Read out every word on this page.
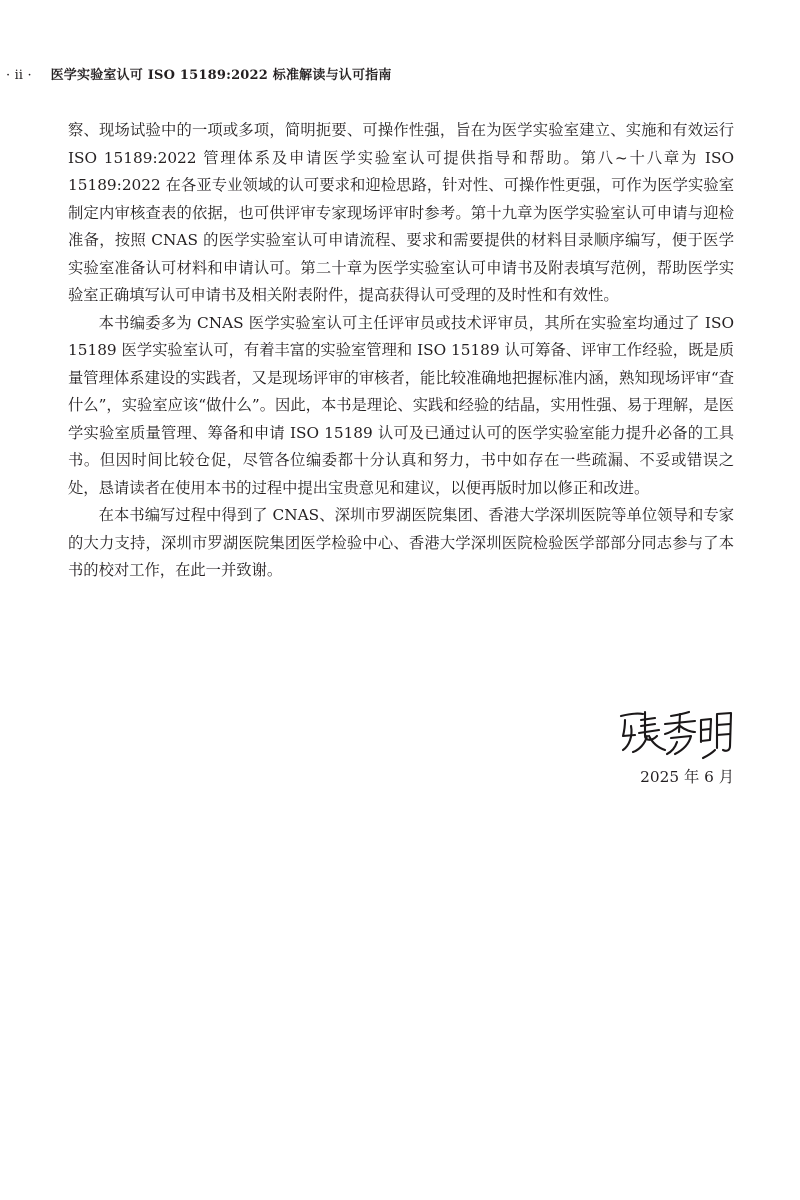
· ⅱ · 医学实验室认可 ISO 15189:2022 标准解读与认可指南

察、现场试验中的一项或多项，简明扼要、可操作性强，旨在为医学实验室建立、实施和有效运行 ISO 15189:2022 管理体系及申请医学实验室认可提供指导和帮助。第八~十八章为 ISO 15189:2022 在各亚专业领域的认可要求和迎检思路，针对性、可操作性更强，可作为医学实验室制定内审核查表的依据，也可供评审专家现场评审时参考。第十九章为医学实验室认可申请与迎检准备，按照 CNAS 的医学实验室认可申请流程、要求和需要提供的材料目录顺序编写，便于医学实验室准备认可材料和申请认可。第二十章为医学实验室认可申请书及附表填写范例，帮助医学实验室正确填写认可申请书及相关附表附件，提高获得认可受理的及时性和有效性。

本书编委多为 CNAS 医学实验室认可主任评审员或技术评审员，其所在实验室均通过了 ISO 15189 医学实验室认可，有着丰富的实验室管理和 ISO 15189 认可筹备、评审工作经验，既是质量管理体系建设的实践者，又是现场评审的审核者，能比较准确地把握标准内涵，熟知现场评审“查什么”，实验室应该“做什么”。因此，本书是理论、实践和经验的结晶，实用性强、易于理解，是医学实验室质量管理、筹备和申请 ISO 15189 认可及已通过认可的医学实验室能力提升必备的工具书。但因时间比较仓促，尽管各位编委都十分认真和努力，书中如存在一些疏漏、不妥或错误之处，恳请读者在使用本书的过程中提出宝贵意见和建议，以便再版时加以修正和改进。

在本书编写过程中得到了 CNAS、深圳市罗湖医院集团、香港大学深圳医院等单位领导和专家的大力支持，深圳市罗湖医院集团医学检验中心、香港大学深圳医院检验医学部部分同志参与了本书的校对工作，在此一并致谢。

2025 年 6 月
